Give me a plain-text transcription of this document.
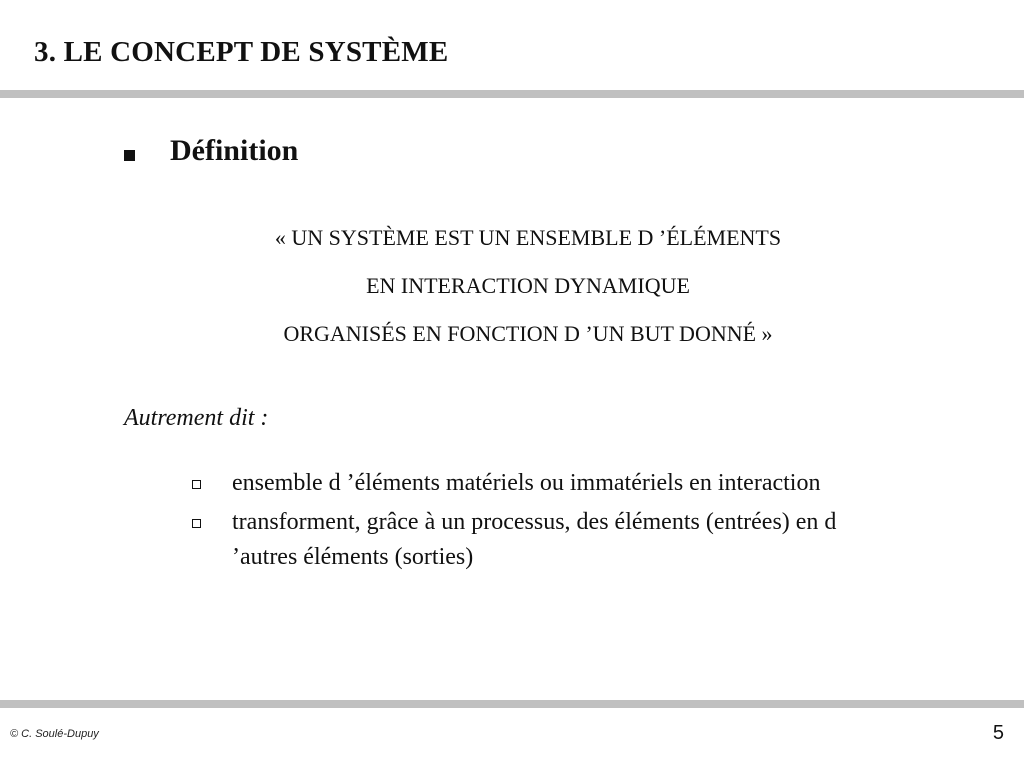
3. LE CONCEPT DE SYSTÈME
Définition
« UN SYSTÈME EST UN ENSEMBLE D ’ÉLÉMENTS
EN INTERACTION DYNAMIQUE
ORGANISÉS EN FONCTION D ’UN BUT DONNÉ »
Autrement dit :
ensemble d ’éléments matériels ou immatériels en interaction
transforment, grâce à un processus, des éléments (entrées) en d ’autres éléments (sorties)
© C. Soulé-Dupuy	5
